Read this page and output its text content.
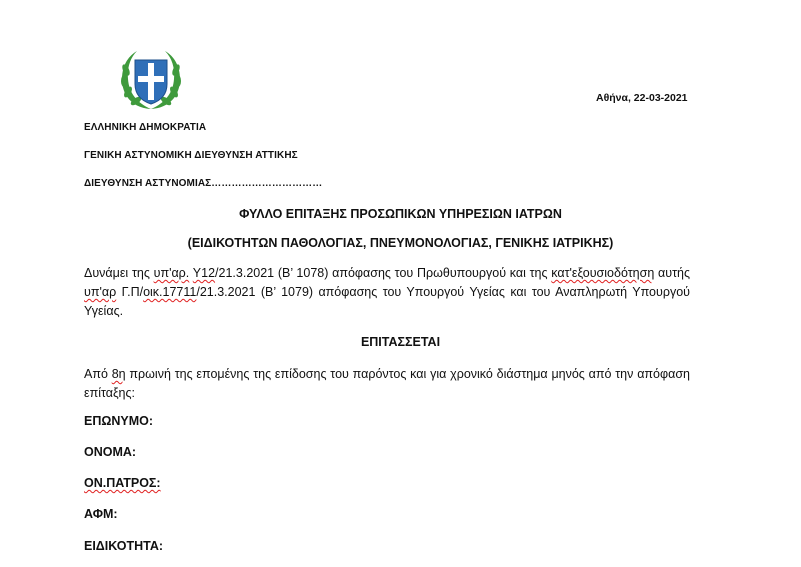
Αθήνα, 22-03-2021
ΕΛΛΗΝΙΚΗ ΔΗΜΟΚΡΑΤΙΑ
ΓΕΝΙΚΗ ΑΣΤΥΝΟΜΙΚΗ ΔΙΕΥΘΥΝΣΗ ΑΤΤΙΚΗΣ
ΔΙΕΥΘΥΝΣΗ ΑΣΤΥΝΟΜΙΑΣ……………………………
ΦΥΛΛΟ ΕΠΙΤΑΞΗΣ ΠΡΟΣΩΠΙΚΩΝ ΥΠΗΡΕΣΙΩΝ ΙΑΤΡΩΝ
(ΕΙΔΙΚΟΤΗΤΩΝ ΠΑΘΟΛΟΓΙΑΣ, ΠΝΕΥΜΟΝΟΛΟΓΙΑΣ, ΓΕΝΙΚΗΣ ΙΑΤΡΙΚΗΣ)
Δυνάμει της υπ'αρ. Υ12/21.3.2021 (Β’ 1078) απόφασης του Πρωθυπουργού και της κατ'εξουσιοδότηση αυτής υπ'αρ Γ.Π/οικ.17711/21.3.2021 (Β’ 1079) απόφασης του Υπουργού Υγείας και του Αναπληρωτή Υπουργού Υγείας.
ΕΠΙΤΑΣΣΕΤΑΙ
Από 8η πρωινή της επομένης της επίδοσης του παρόντος και για χρονικό διάστημα μηνός από την απόφαση επίταξης:
ΕΠΩΝΥΜΟ:
ΟΝΟΜΑ:
ΟΝ.ΠΑΤΡΟΣ:
ΑΦΜ:
ΕΙΔΙΚΟΤΗΤΑ:
